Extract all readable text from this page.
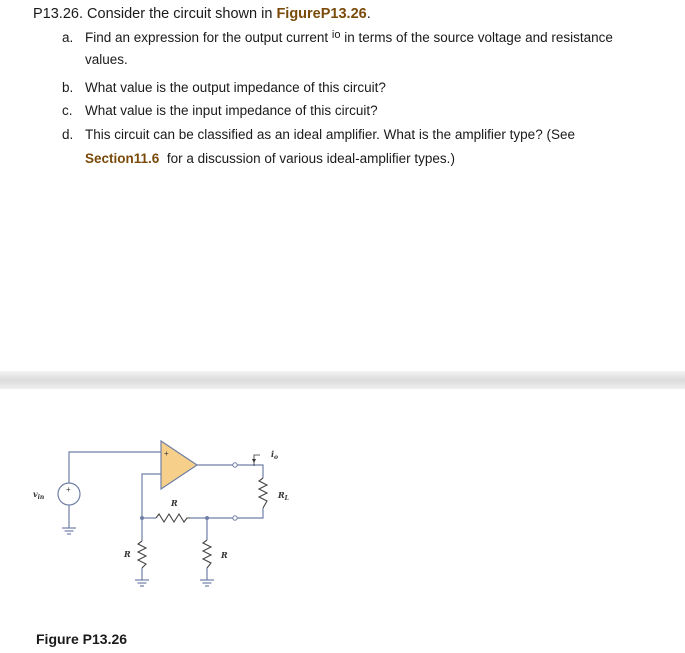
P13.26. Consider the circuit shown in FigureP13.26.
a. Find an expression for the output current $^{io}$ in terms of the source voltage and resistance
values.
b. What value is the output impedance of this circuit?
c. What value is the input impedance of this circuit?
d. This circuit can be classified as an ideal amplifier. What is the amplifier type? (See
Section11.6 for a discussion of various ideal-amplifier types.)
+
+
$v_{in}$
$i_o$
R
R	R
$R_L$
Figure P13.26
